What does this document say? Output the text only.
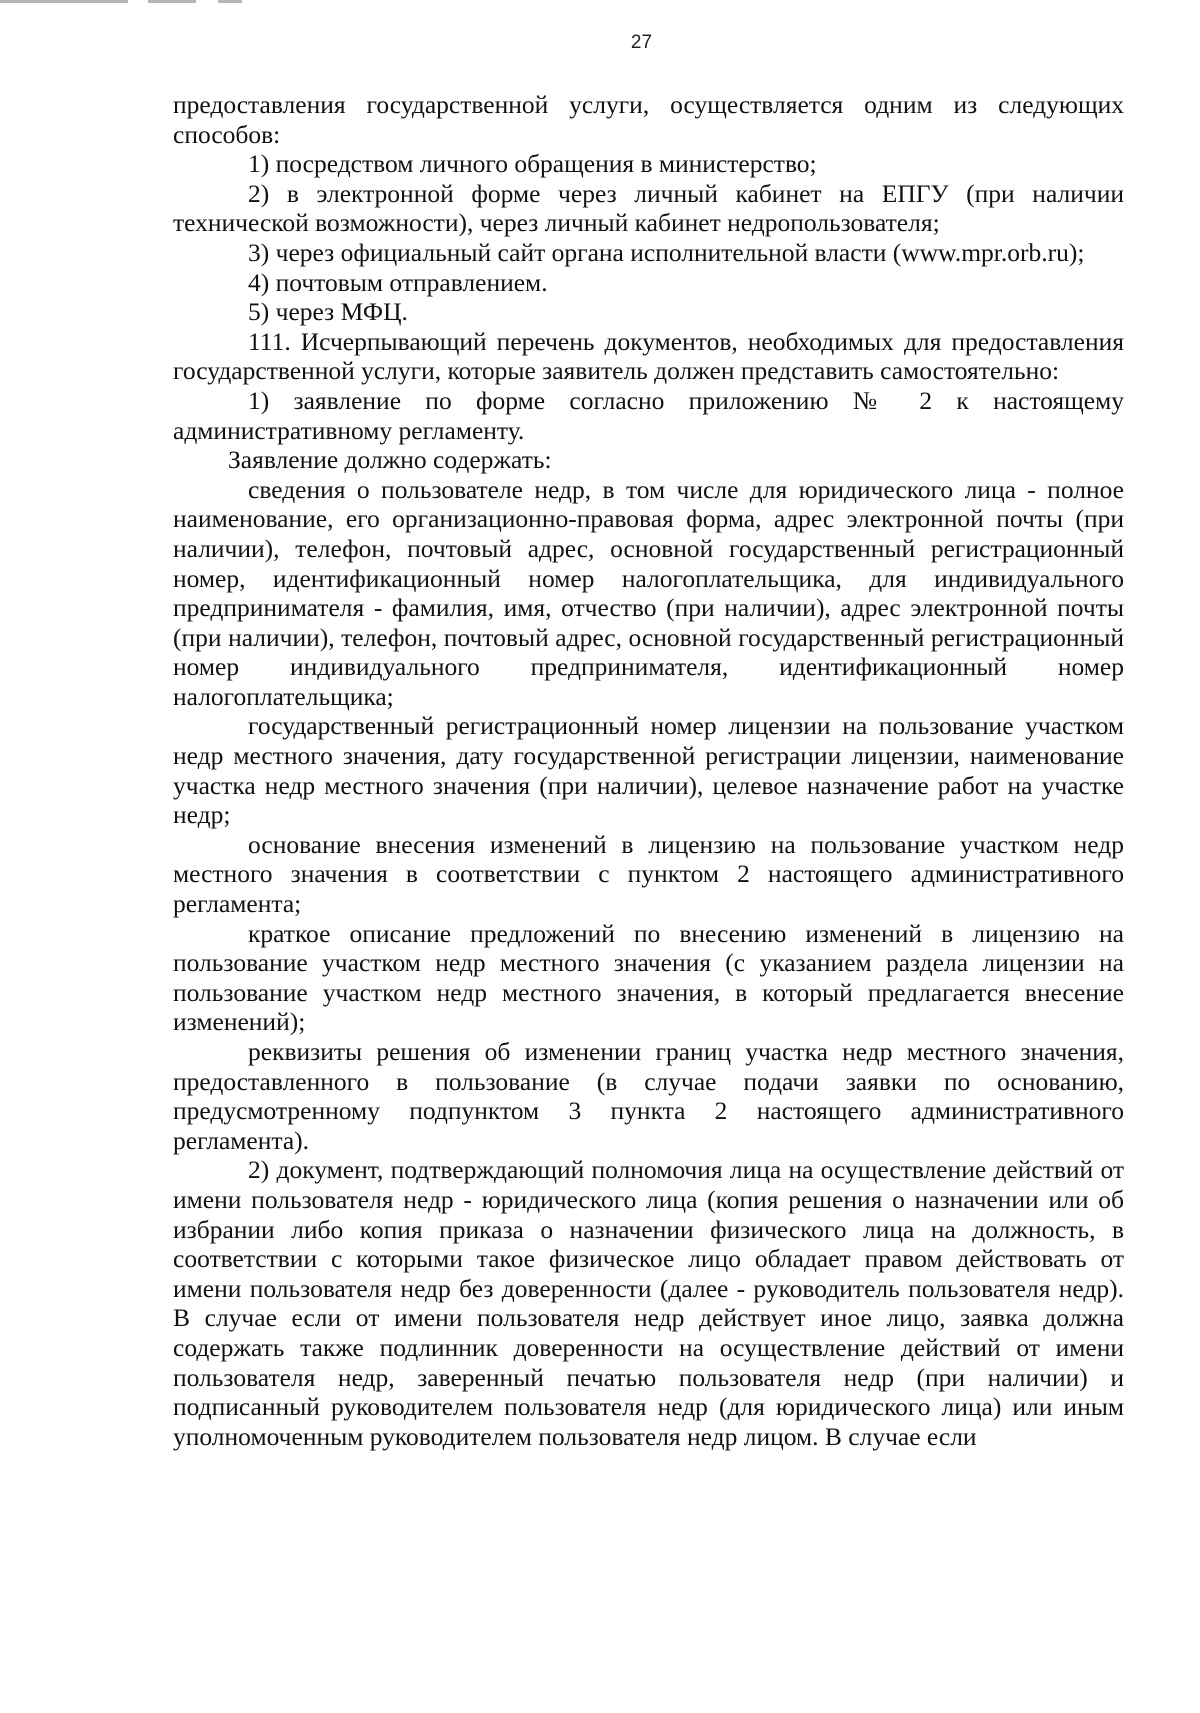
27

предоставления государственной услуги, осуществляется одним из следующих способов:

1) посредством личного обращения в министерство;

2) в электронной форме через личный кабинет на ЕПГУ (при наличии технической возможности), через личный кабинет недропользователя;

3) через официальный сайт органа исполнительной власти (www.mpr.orb.ru);

4) почтовым отправлением.

5) через МФЦ.

111. Исчерпывающий перечень документов, необходимых для предоставления государственной услуги, которые заявитель должен представить самостоятельно:

1) заявление по форме согласно приложению № 2 к настоящему административному регламенту.

Заявление должно содержать:

сведения о пользователе недр, в том числе для юридического лица - полное наименование, его организационно-правовая форма, адрес электронной почты (при наличии), телефон, почтовый адрес, основной государственный регистрационный номер, идентификационный номер налогоплательщика, для индивидуального предпринимателя - фамилия, имя, отчество (при наличии), адрес электронной почты (при наличии), телефон, почтовый адрес, основной государственный регистрационный номер индивидуального предпринимателя, идентификационный номер налогоплательщика;

государственный регистрационный номер лицензии на пользование участком недр местного значения, дату государственной регистрации лицензии, наименование участка недр местного значения (при наличии), целевое назначение работ на участке недр;

основание внесения изменений в лицензию на пользование участком недр местного значения в соответствии с пунктом 2 настоящего административного регламента;

краткое описание предложений по внесению изменений в лицензию на пользование участком недр местного значения (с указанием раздела лицензии на пользование участком недр местного значения, в который предлагается внесение изменений);

реквизиты решения об изменении границ участка недр местного значения, предоставленного в пользование (в случае подачи заявки по основанию, предусмотренному подпунктом 3 пункта 2 настоящего административного регламента).

2) документ, подтверждающий полномочия лица на осуществление действий от имени пользователя недр - юридического лица (копия решения о назначении или об избрании либо копия приказа о назначении физического лица на должность, в соответствии с которыми такое физическое лицо обладает правом действовать от имени пользователя недр без доверенности (далее - руководитель пользователя недр). В случае если от имени пользователя недр действует иное лицо, заявка должна содержать также подлинник доверенности на осуществление действий от имени пользователя недр, заверенный печатью пользователя недр (при наличии) и подписанный руководителем пользователя недр (для юридического лица) или иным уполномоченным руководителем пользователя недр лицом. В случае если
